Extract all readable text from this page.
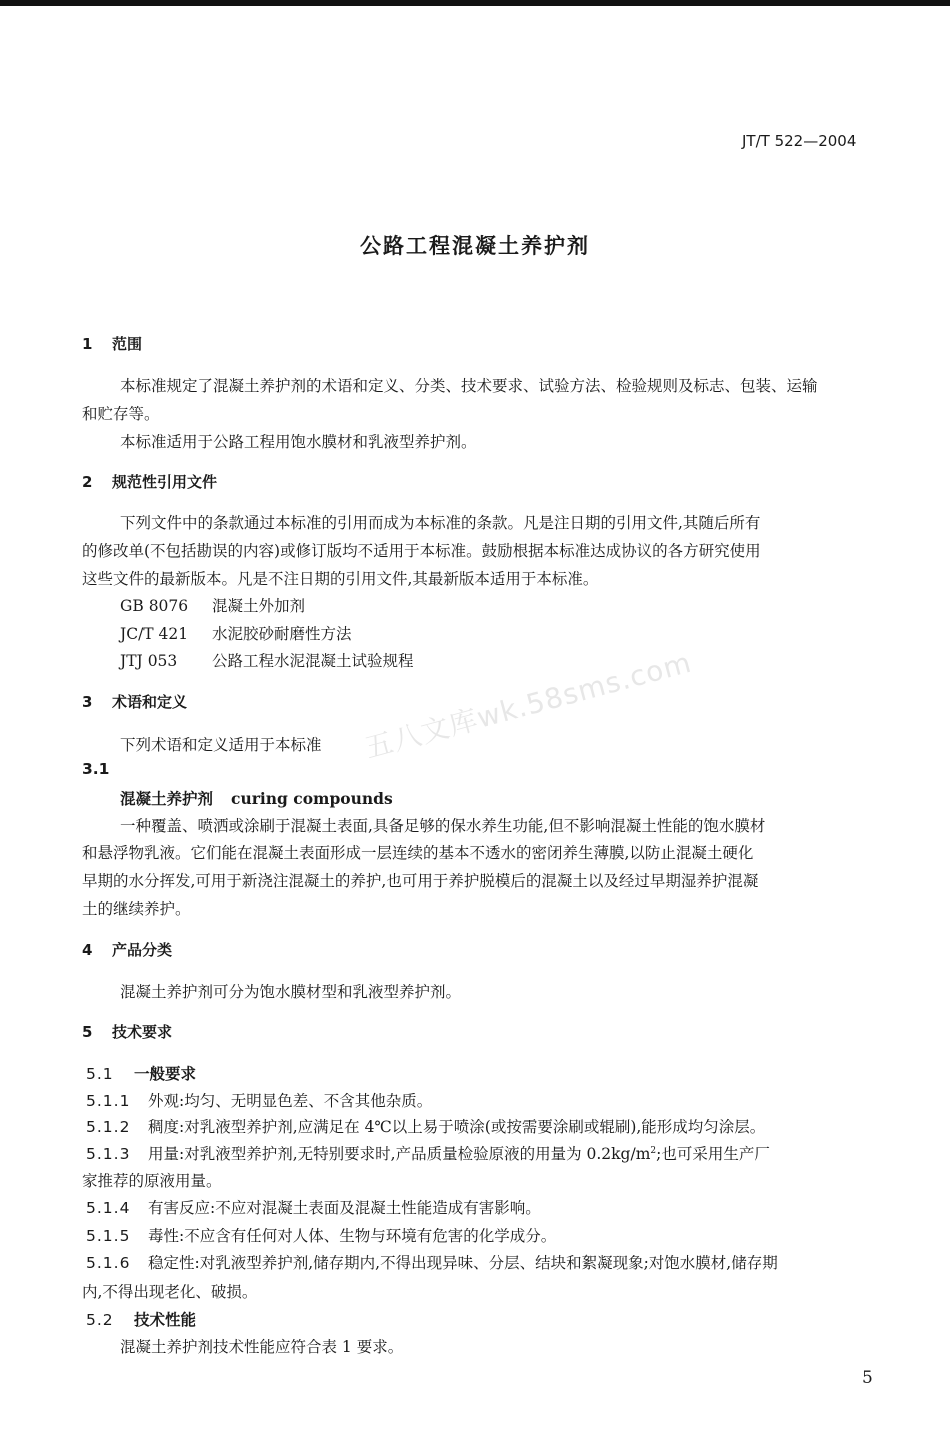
JT/T 522—2004
公路工程混凝土养护剂
1 范围
本标准规定了混凝土养护剂的术语和定义、分类、技术要求、试验方法、检验规则及标志、包装、运输
和贮存等。
本标准适用于公路工程用饱水膜材和乳液型养护剂。
2 规范性引用文件
下列文件中的条款通过本标准的引用而成为本标准的条款。凡是注日期的引用文件,其随后所有
的修改单(不包括勘误的内容)或修订版均不适用于本标准。鼓励根据本标准达成协议的各方研究使用
这些文件的最新版本。凡是不注日期的引用文件,其最新版本适用于本标准。
GB 8076 混凝土外加剂
JC/T 421 水泥胶砂耐磨性方法
JTJ 053 公路工程水泥混凝土试验规程
3 术语和定义
下列术语和定义适用于本标准
3.1
混凝土养护剂 curing compounds
一种覆盖、喷洒或涂刷于混凝土表面,具备足够的保水养生功能,但不影响混凝土性能的饱水膜材
和悬浮物乳液。它们能在混凝土表面形成一层连续的基本不透水的密闭养生薄膜,以防止混凝土硬化
早期的水分挥发,可用于新浇注混凝土的养护,也可用于养护脱模后的混凝土以及经过早期湿养护混凝
土的继续养护。
4 产品分类
混凝土养护剂可分为饱水膜材型和乳液型养护剂。
5 技术要求
5.1 一般要求
5.1.1 外观:均匀、无明显色差、不含其他杂质。
5.1.2 稠度:对乳液型养护剂,应满足在 4℃以上易于喷涂(或按需要涂刷或辊刷),能形成均匀涂层。
5.1.3 用量:对乳液型养护剂,无特别要求时,产品质量检验原液的用量为 $0.2kg/m^2$;也可采用生产厂
家推荐的原液用量。
5.1.4 有害反应:不应对混凝土表面及混凝土性能造成有害影响。
5.1.5 毒性:不应含有任何对人体、生物与环境有危害的化学成分。
5.1.6 稳定性:对乳液型养护剂,储存期内,不得出现异味、分层、结块和絮凝现象;对饱水膜材,储存期
内,不得出现老化、破损。
5.2 技术性能
混凝土养护剂技术性能应符合表 1 要求。
五八文库wk.58sms.com
5
